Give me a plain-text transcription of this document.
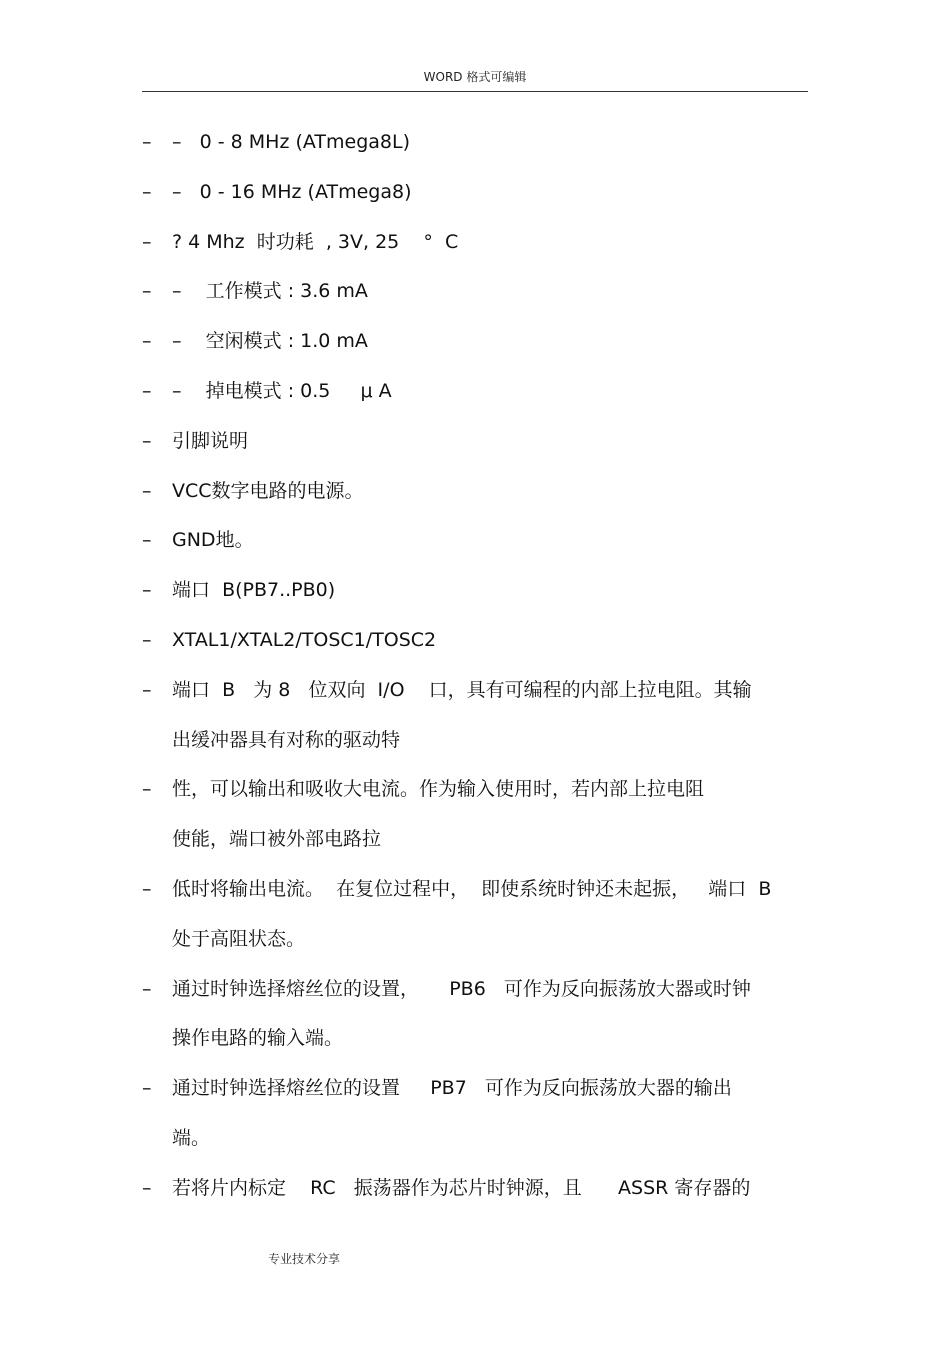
WORD 格式可编辑
– –   0 - 8 MHz (ATmega8L)
– –   0 - 16 MHz (ATmega8)
– ? 4 Mhz  时功耗  , 3V, 25    °  C
– –    工作模式 : 3.6 mA
– –    空闲模式 : 1.0 mA
– –    掉电模式 : 0.5     μ A
– 引脚说明
– VCC数字电路的电源。
– GND地。
– 端口  B(PB7..PB0)
– XTAL1/XTAL2/TOSC1/TOSC2
– 端口  B   为 8   位双向  I/O    口，具有可编程的内部上拉电阻。其输
出缓冲器具有对称的驱动特
– 性，可以输出和吸收大电流。作为输入使用时，若内部上拉电阻
使能，端口被外部电路拉
– 低时将输出电流。  在复位过程中，  即使系统时钟还未起振，   端口  B
处于高阻状态。
– 通过时钟选择熔丝位的设置，     PB6   可作为反向振荡放大器或时钟
操作电路的输入端。
– 通过时钟选择熔丝位的设置     PB7   可作为反向振荡放大器的输出
端。
– 若将片内标定    RC   振荡器作为芯片时钟源，且      ASSR 寄存器的
专业技术分享
